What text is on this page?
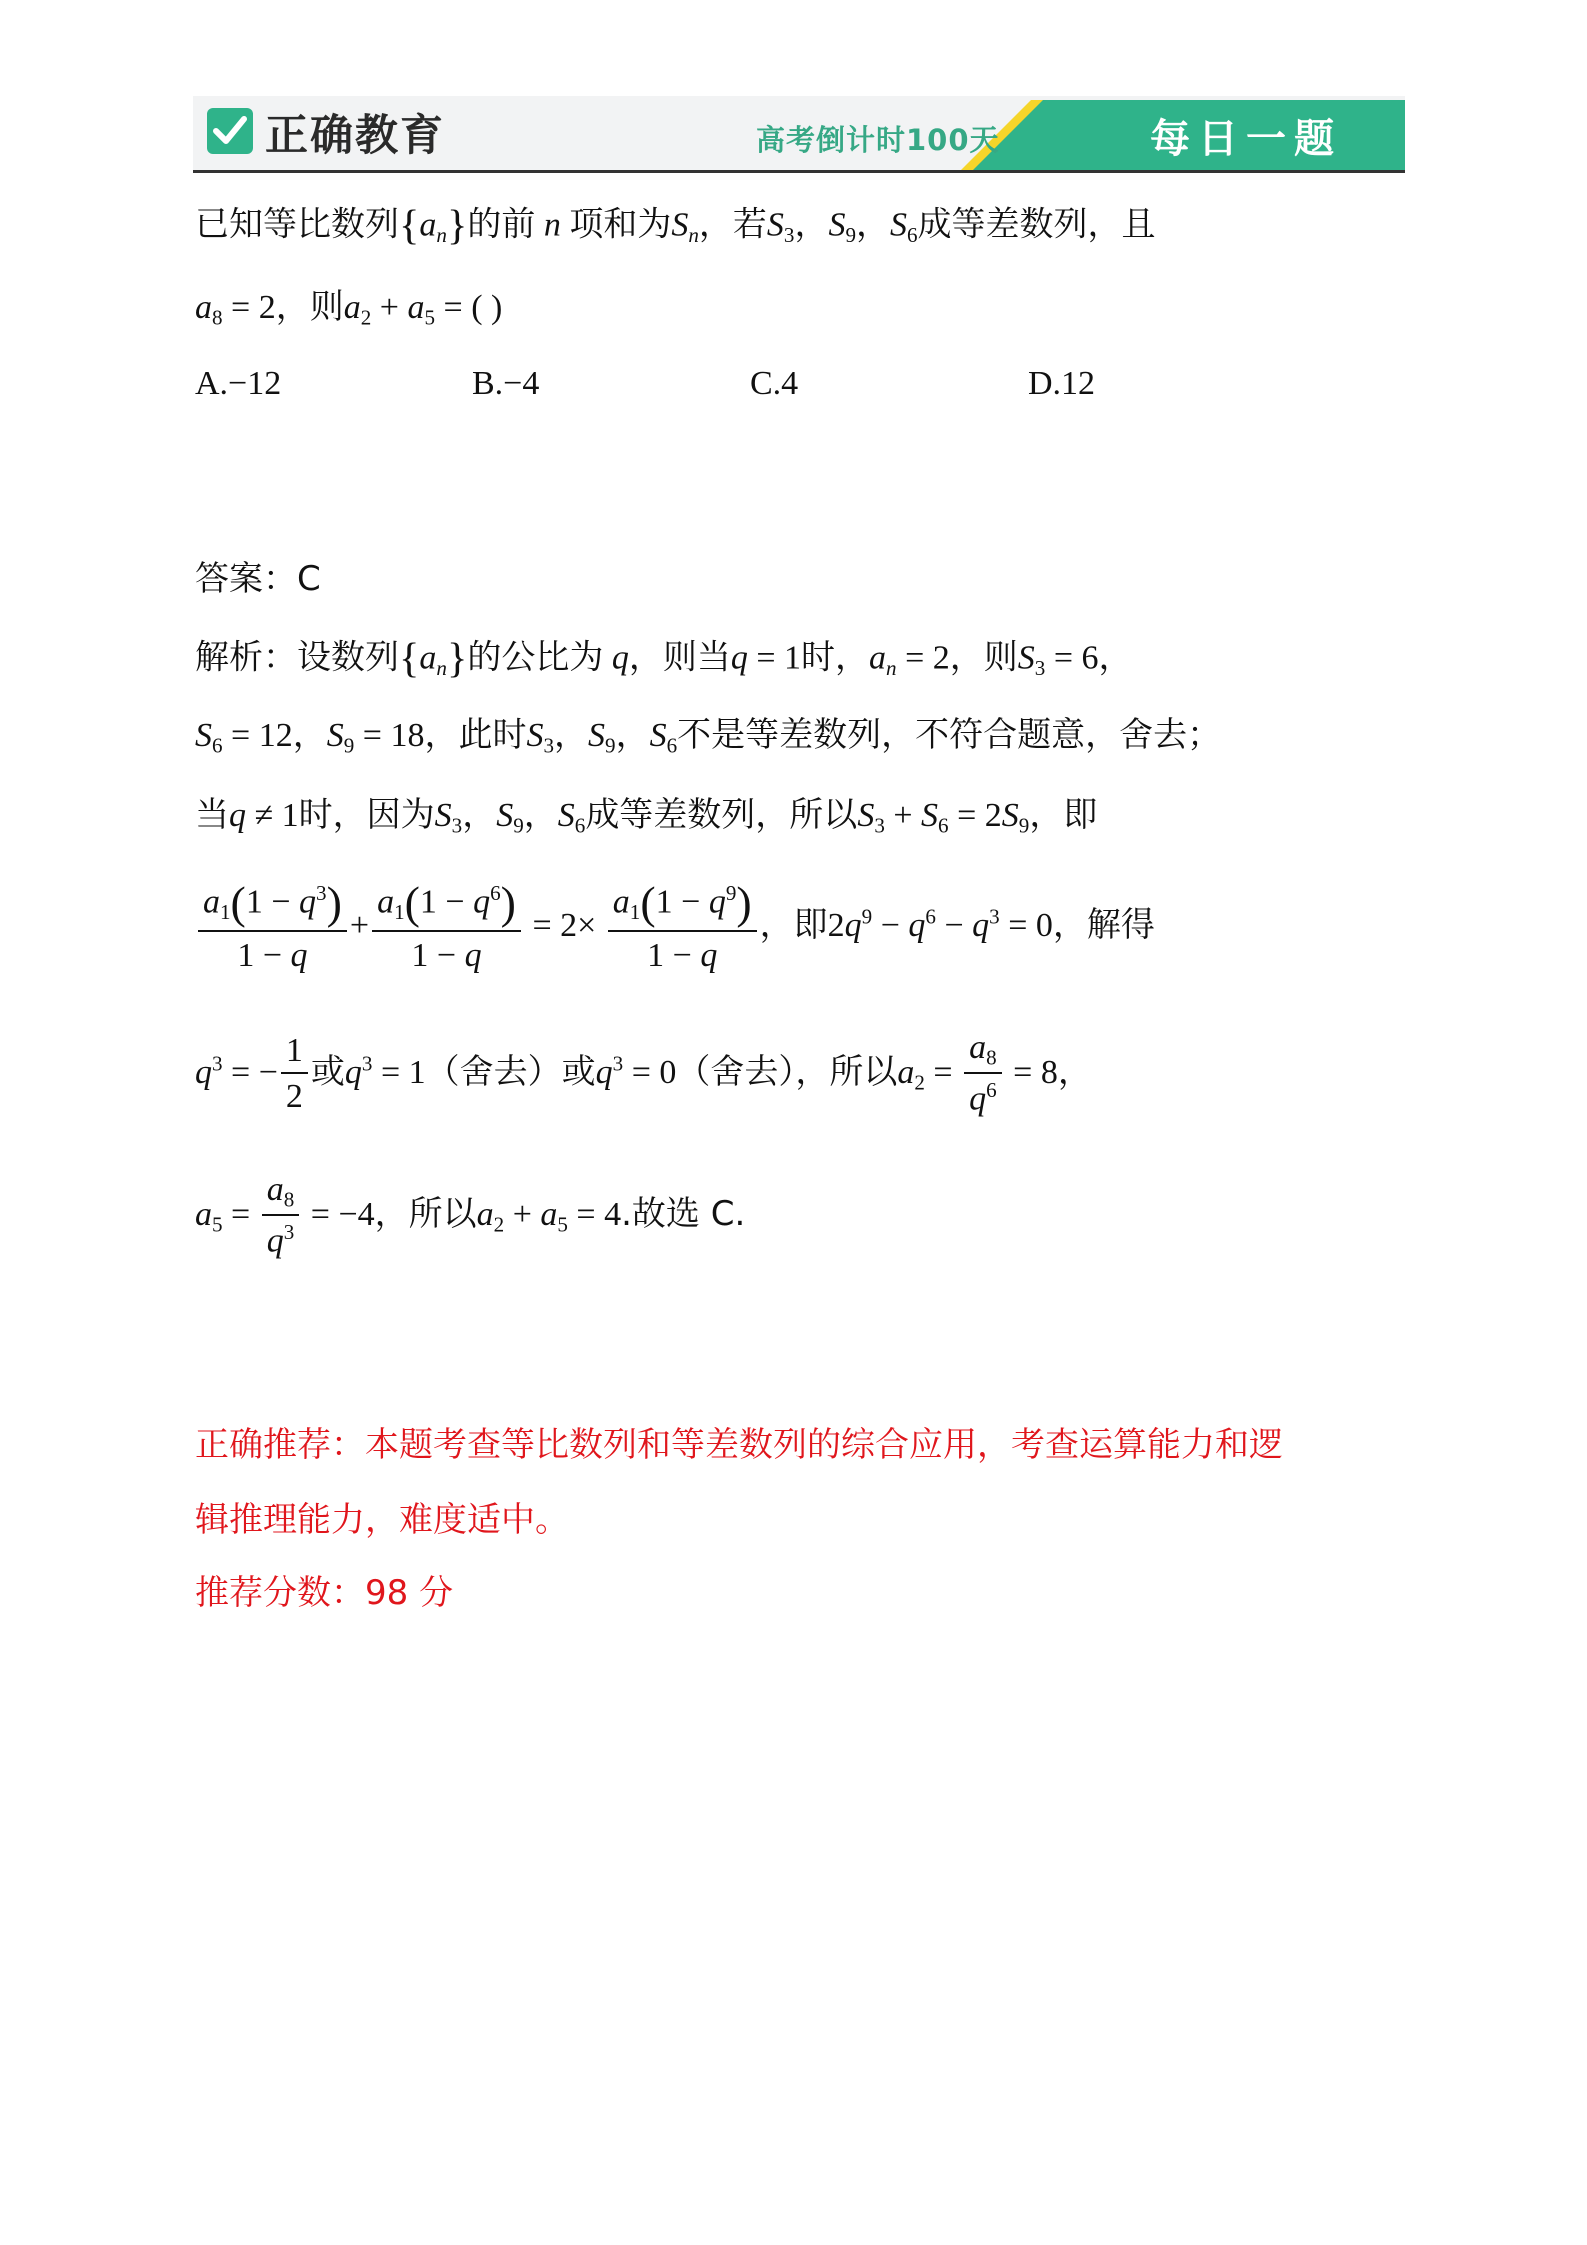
正确教育	高考倒计时100天	每日一题
已知等比数列$\{a_n\}$的前 n 项和为$S_n$，若$S_3$，$S_9$，$S_6$成等差数列，且
$a_8 = 2$，则$a_2 + a_5$ = ( )
A.−12	B.−4	C.4	D.12
答案：C
解析：设数列$\{a_n\}$的公比为 q，则当q = 1时，$a_n = 2$，则$S_3 = 6$，
$S_6 = 12$，$S_9 = 18$，此时$S_3$，$S_9$，$S_6$不是等差数列，不符合题意，舍去；
当q ≠ 1时，因为$S_3$，$S_9$，$S_6$成等差数列，所以$S_3 + S_6 = 2S_9$，即
$\frac{a_1(1 - q^3)}{1 - q} + \frac{a_1(1 - q^6)}{1 - q} = 2\times \frac{a_1(1 - q^9)}{1 - q}$ ，即$2q^9 - q^6 - q^3 = 0$，解得
$q^3$ = − $\frac{1}{2}$ 或$q^3 = 1$（舍去）或$q^3 = 0$（舍去），所以$a_2 = \frac{a_8}{q^6} = 8$，
$a_5 = \frac{a_8}{q^3} = -4$，所以$a_2 + a_5 = 4$.故选 C.
正确推荐：本题考查等比数列和等差数列的综合应用，考查运算能力和逻
辑推理能力，难度适中。
推荐分数：98 分
